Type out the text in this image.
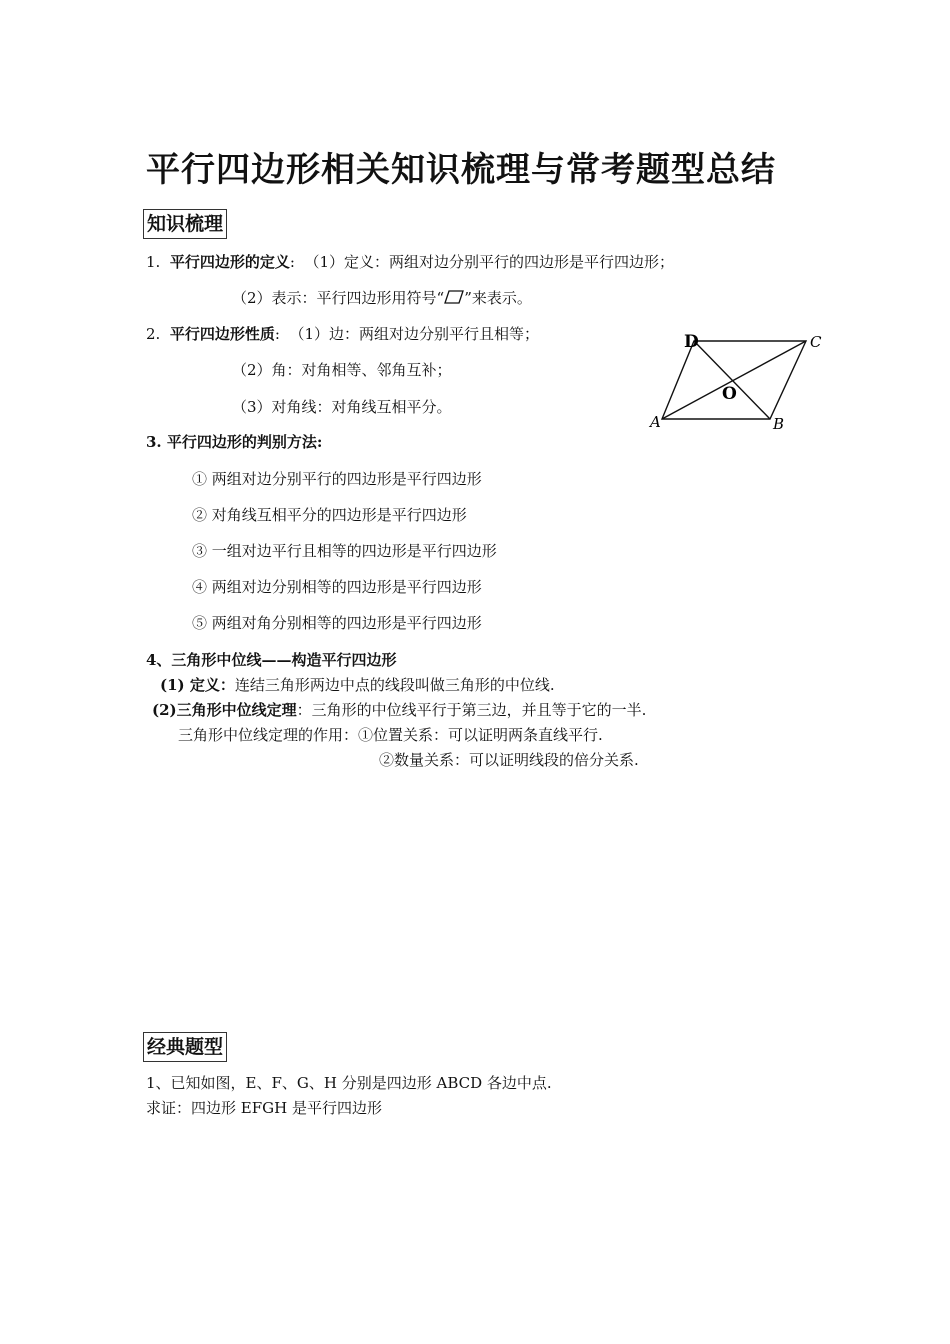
平行四边形相关知识梳理与常考题型总结
知识梳理
1. 平行四边形的定义: （1）定义：两组对边分别平行的四边形是平行四边形；
（2）表示：平行四边形用符号“ ”来表示。
2. 平行四边形性质: （1）边：两组对边分别平行且相等；
（2）角：对角相等、邻角互补；
（3）对角线：对角线互相平分。
D	C
O
A	B
3. 平行四边形的判别方法:
① 两组对边分别平行的四边形是平行四边形
② 对角线互相平分的四边形是平行四边形
③ 一组对边平行且相等的四边形是平行四边形
④ 两组对边分别相等的四边形是平行四边形
⑤ 两组对角分别相等的四边形是平行四边形
4、三角形中位线——构造平行四边形
(1) 定义：连结三角形两边中点的线段叫做三角形的中位线.
(2)三角形中位线定理：三角形的中位线平行于第三边，并且等于它的一半.
三角形中位线定理的作用：①位置关系：可以证明两条直线平行.
②数量关系：可以证明线段的倍分关系.
经典题型
1、已知如图，E、F、G、H 分别是四边形 ABCD 各边中点.
求证：四边形 EFGH 是平行四边形
